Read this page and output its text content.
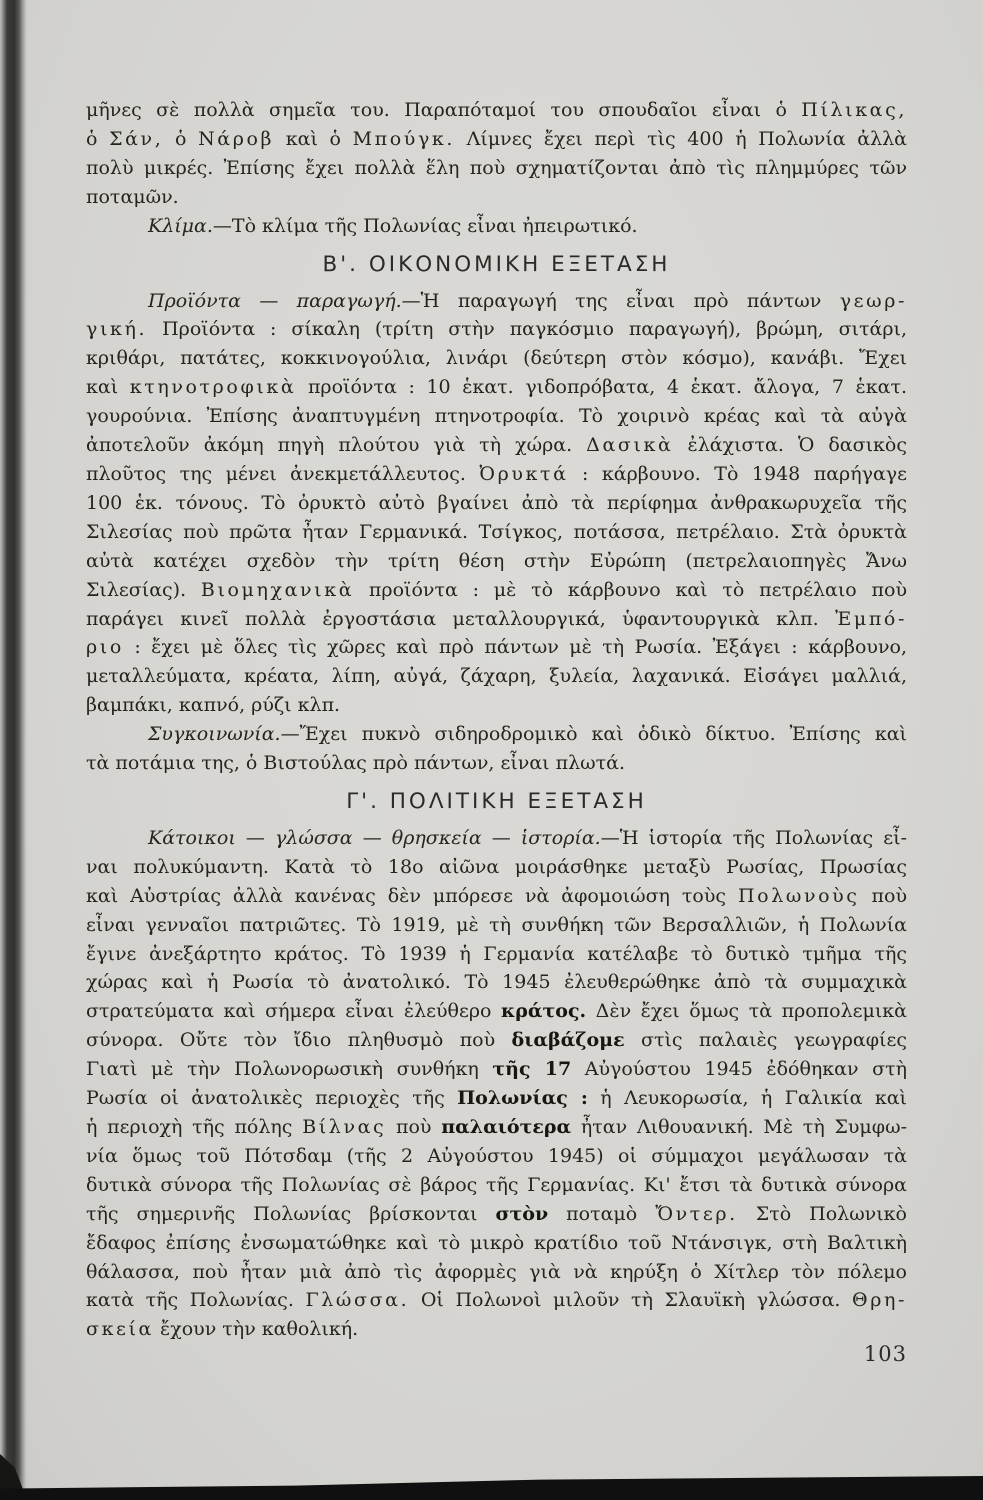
μῆνες σὲ πολλὰ σημεῖα του. Παραπόταμοί του σπουδαῖοι εἶναι ὁ Πίλικας,
ὁ Σάν, ὁ Νάροβ καὶ ὁ Μπούγκ. Λίμνες ἔχει περὶ τὶς 400 ἡ Πολωνία ἀλλὰ
πολὺ μικρές. Ἐπίσης ἔχει πολλὰ ἕλη ποὺ σχηματίζονται ἀπὸ τὶς πλημμύρες τῶν
ποταμῶν.
Κλίμα.—Τὸ κλίμα τῆς Πολωνίας εἶναι ἠπειρωτικό.
Β'. ΟΙΚΟΝΟΜΙΚΗ ΕΞΕΤΑΣΗ
Προϊόντα — παραγωγή.—Ἡ παραγωγή της εἶναι πρὸ πάντων γεωρ-
γική. Προϊόντα : σίκαλη (τρίτη στὴν παγκόσμιο παραγωγή), βρώμη, σιτάρι,
κριθάρι, πατάτες, κοκκινογούλια, λινάρι (δεύτερη στὸν κόσμο), κανάβι. Ἔχει
καὶ κτηνοτροφικὰ προϊόντα : 10 ἑκατ. γιδοπρόβατα, 4 ἑκατ. ἄλογα, 7 ἑκατ.
γουρούνια. Ἐπίσης ἀναπτυγμένη πτηνοτροφία. Τὸ χοιρινὸ κρέας καὶ τὰ αὐγὰ
ἀποτελοῦν ἀκόμη πηγὴ πλούτου γιὰ τὴ χώρα. Δασικὰ ἐλάχιστα. Ὁ δασικὸς
πλοῦτος της μένει ἀνεκμετάλλευτος. Ὀρυκτά : κάρβουνο. Τὸ 1948 παρήγαγε
100 ἑκ. τόνους. Τὸ ὀρυκτὸ αὐτὸ βγαίνει ἀπὸ τὰ περίφημα ἀνθρακωρυχεῖα τῆς
Σιλεσίας ποὺ πρῶτα ἦταν Γερμανικά. Τσίγκος, ποτάσσα, πετρέλαιο. Στὰ ὀρυκτὰ
αὐτὰ κατέχει σχεδὸν τὴν τρίτη θέση στὴν Εὐρώπη (πετρελαιοπηγὲς Ἄνω
Σιλεσίας). Βιομηχανικὰ προϊόντα : μὲ τὸ κάρβουνο καὶ τὸ πετρέλαιο ποὺ
παράγει κινεῖ πολλὰ ἐργοστάσια μεταλλουργικά, ὑφαντουργικὰ κλπ. Ἐμπό-
ριο : ἔχει μὲ ὅλες τὶς χῶρες καὶ πρὸ πάντων μὲ τὴ Ρωσία. Ἐξάγει : κάρβουνο,
μεταλλεύματα, κρέατα, λίπη, αὐγά, ζάχαρη, ξυλεία, λαχανικά. Εἰσάγει μαλλιά,
βαμπάκι, καπνό, ρύζι κλπ.
Συγκοινωνία.—Ἔχει πυκνὸ σιδηροδρομικὸ καὶ ὁδικὸ δίκτυο. Ἐπίσης καὶ
τὰ ποτάμια της, ὁ Βιστούλας πρὸ πάντων, εἶναι πλωτά.
Γ'. ΠΟΛΙΤΙΚΗ ΕΞΕΤΑΣΗ
Κάτοικοι — γλώσσα — θρησκεία — ἱστορία.—Ἡ ἱστορία τῆς Πολωνίας εἶ-
ναι πολυκύμαντη. Κατὰ τὸ 18ο αἰῶνα μοιράσθηκε μεταξὺ Ρωσίας, Πρωσίας
καὶ Αὐστρίας ἀλλὰ κανένας δὲν μπόρεσε νὰ ἀφομοιώση τοὺς Πολωνοὺς ποὺ
εἶναι γενναῖοι πατριῶτες. Τὸ 1919, μὲ τὴ συνθήκη τῶν Βερσαλλιῶν, ἡ Πολωνία
ἔγινε ἀνεξάρτητο κράτος. Τὸ 1939 ἡ Γερμανία κατέλαβε τὸ δυτικὸ τμῆμα τῆς
χώρας καὶ ἡ Ρωσία τὸ ἀνατολικό. Τὸ 1945 ἐλευθερώθηκε ἀπὸ τὰ συμμαχικὰ
στρατεύματα καὶ σήμερα εἶναι ἐλεύθερο κράτος. Δὲν ἔχει ὅμως τὰ προπολεμικὰ
σύνορα. Οὔτε τὸν ἴδιο πληθυσμὸ ποὺ διαβάζομε στὶς παλαιὲς γεωγραφίες
Γιατὶ μὲ τὴν Πολωνορωσικὴ συνθήκη τῆς 17 Αὐγούστου 1945 ἐδόθηκαν στὴ
Ρωσία οἱ ἀνατολικὲς περιοχὲς τῆς Πολωνίας : ἡ Λευκορωσία, ἡ Γαλικία καὶ
ἡ περιοχὴ τῆς πόλης Βίλνας ποὺ παλαιότερα ἦταν Λιθουανική. Μὲ τὴ Συμφω-
νία ὅμως τοῦ Πότσδαμ (τῆς 2 Αὐγούστου 1945) οἱ σύμμαχοι μεγάλωσαν τὰ
δυτικὰ σύνορα τῆς Πολωνίας σὲ βάρος τῆς Γερμανίας. Κι' ἔτσι τὰ δυτικὰ σύνορα
τῆς σημερινῆς Πολωνίας βρίσκονται στὸν ποταμὸ Ὄντερ. Στὸ Πολωνικὸ
ἔδαφος ἐπίσης ἐνσωματώθηκε καὶ τὸ μικρὸ κρατίδιο τοῦ Ντάνσιγκ, στὴ Βαλτικὴ
θάλασσα, ποὺ ἦταν μιὰ ἀπὸ τὶς ἀφορμὲς γιὰ νὰ κηρύξη ὁ Χίτλερ τὸν πόλεμο
κατὰ τῆς Πολωνίας. Γλώσσα. Οἱ Πολωνοὶ μιλοῦν τὴ Σλαυϊκὴ γλώσσα. Θρη-
σκεία ἔχουν τὴν καθολική.
103
